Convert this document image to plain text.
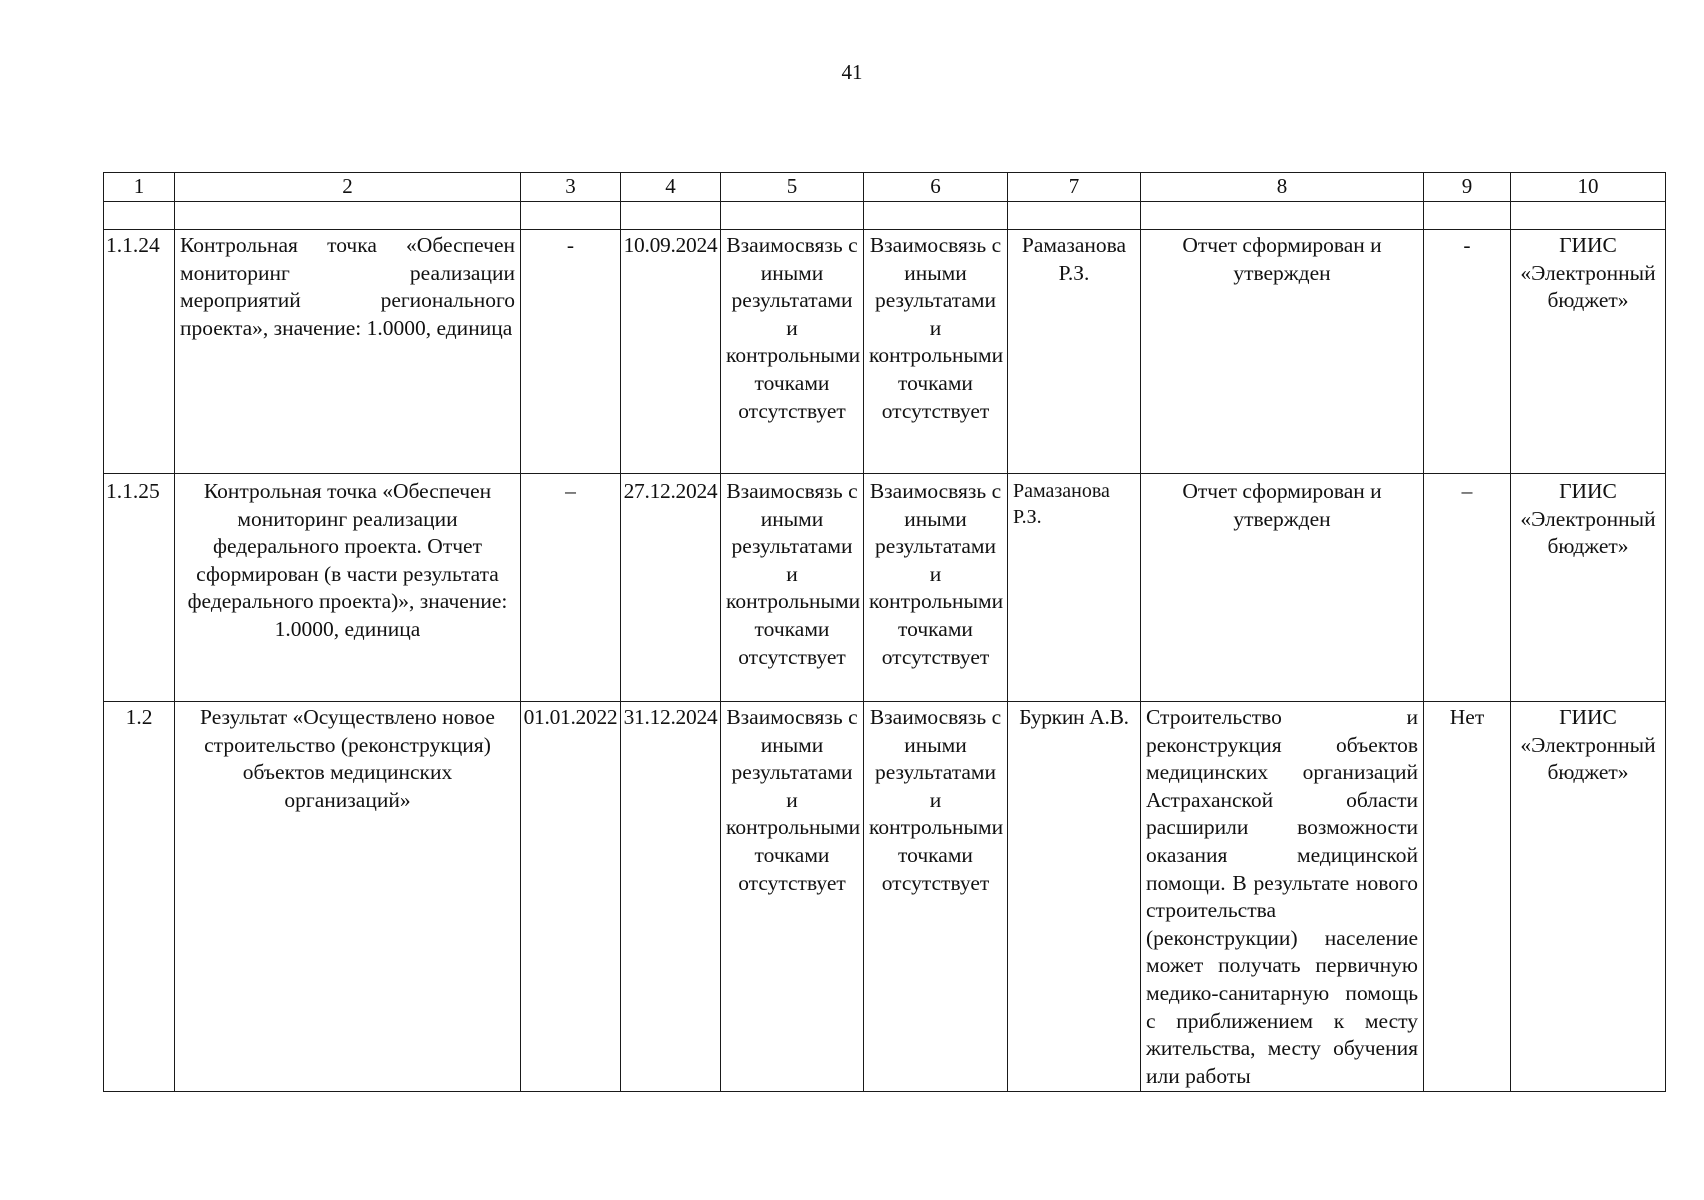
41
1	2	3	4	5	6	7	8	9	10

1.1.24	Контрольная точка «Обеспечен мониторинг реализации мероприятий регионального проекта», значение: 1.0000, единица	-	10.09.2024	Взаимосвязь с иными результатами и контрольными точками отсутствует	Взаимосвязь с иными результатами и контрольными точками отсутствует	Рамазанова Р.З.	Отчет сформирован и утвержден	-	ГИИС «Электронный бюджет»
1.1.25	Контрольная точка «Обеспечен мониторинг реализации федерального проекта. Отчет сформирован (в части результата федерального проекта)», значение: 1.0000, единица	–	27.12.2024	Взаимосвязь с иными результатами и контрольными точками отсутствует	Взаимосвязь с иными результатами и контрольными точками отсутствует	Рамазанова Р.З.	Отчет сформирован и утвержден	–	ГИИС «Электронный бюджет»
1.2	Результат «Осуществлено новое строительство (реконструкция) объектов медицинских организаций»	01.01.2022	31.12.2024	Взаимосвязь с иными результатами и контрольными точками отсутствует	Взаимосвязь с иными результатами и контрольными точками отсутствует	Буркин А.В.	Строительство и реконструкция объектов медицинских организаций Астраханской области расширили возможности оказания медицинской помощи. В результате нового строительства (реконструкции) население может получать первичную медико-санитарную помощь с приближением к месту жительства, месту обучения или работы	Нет	ГИИС «Электронный бюджет»
